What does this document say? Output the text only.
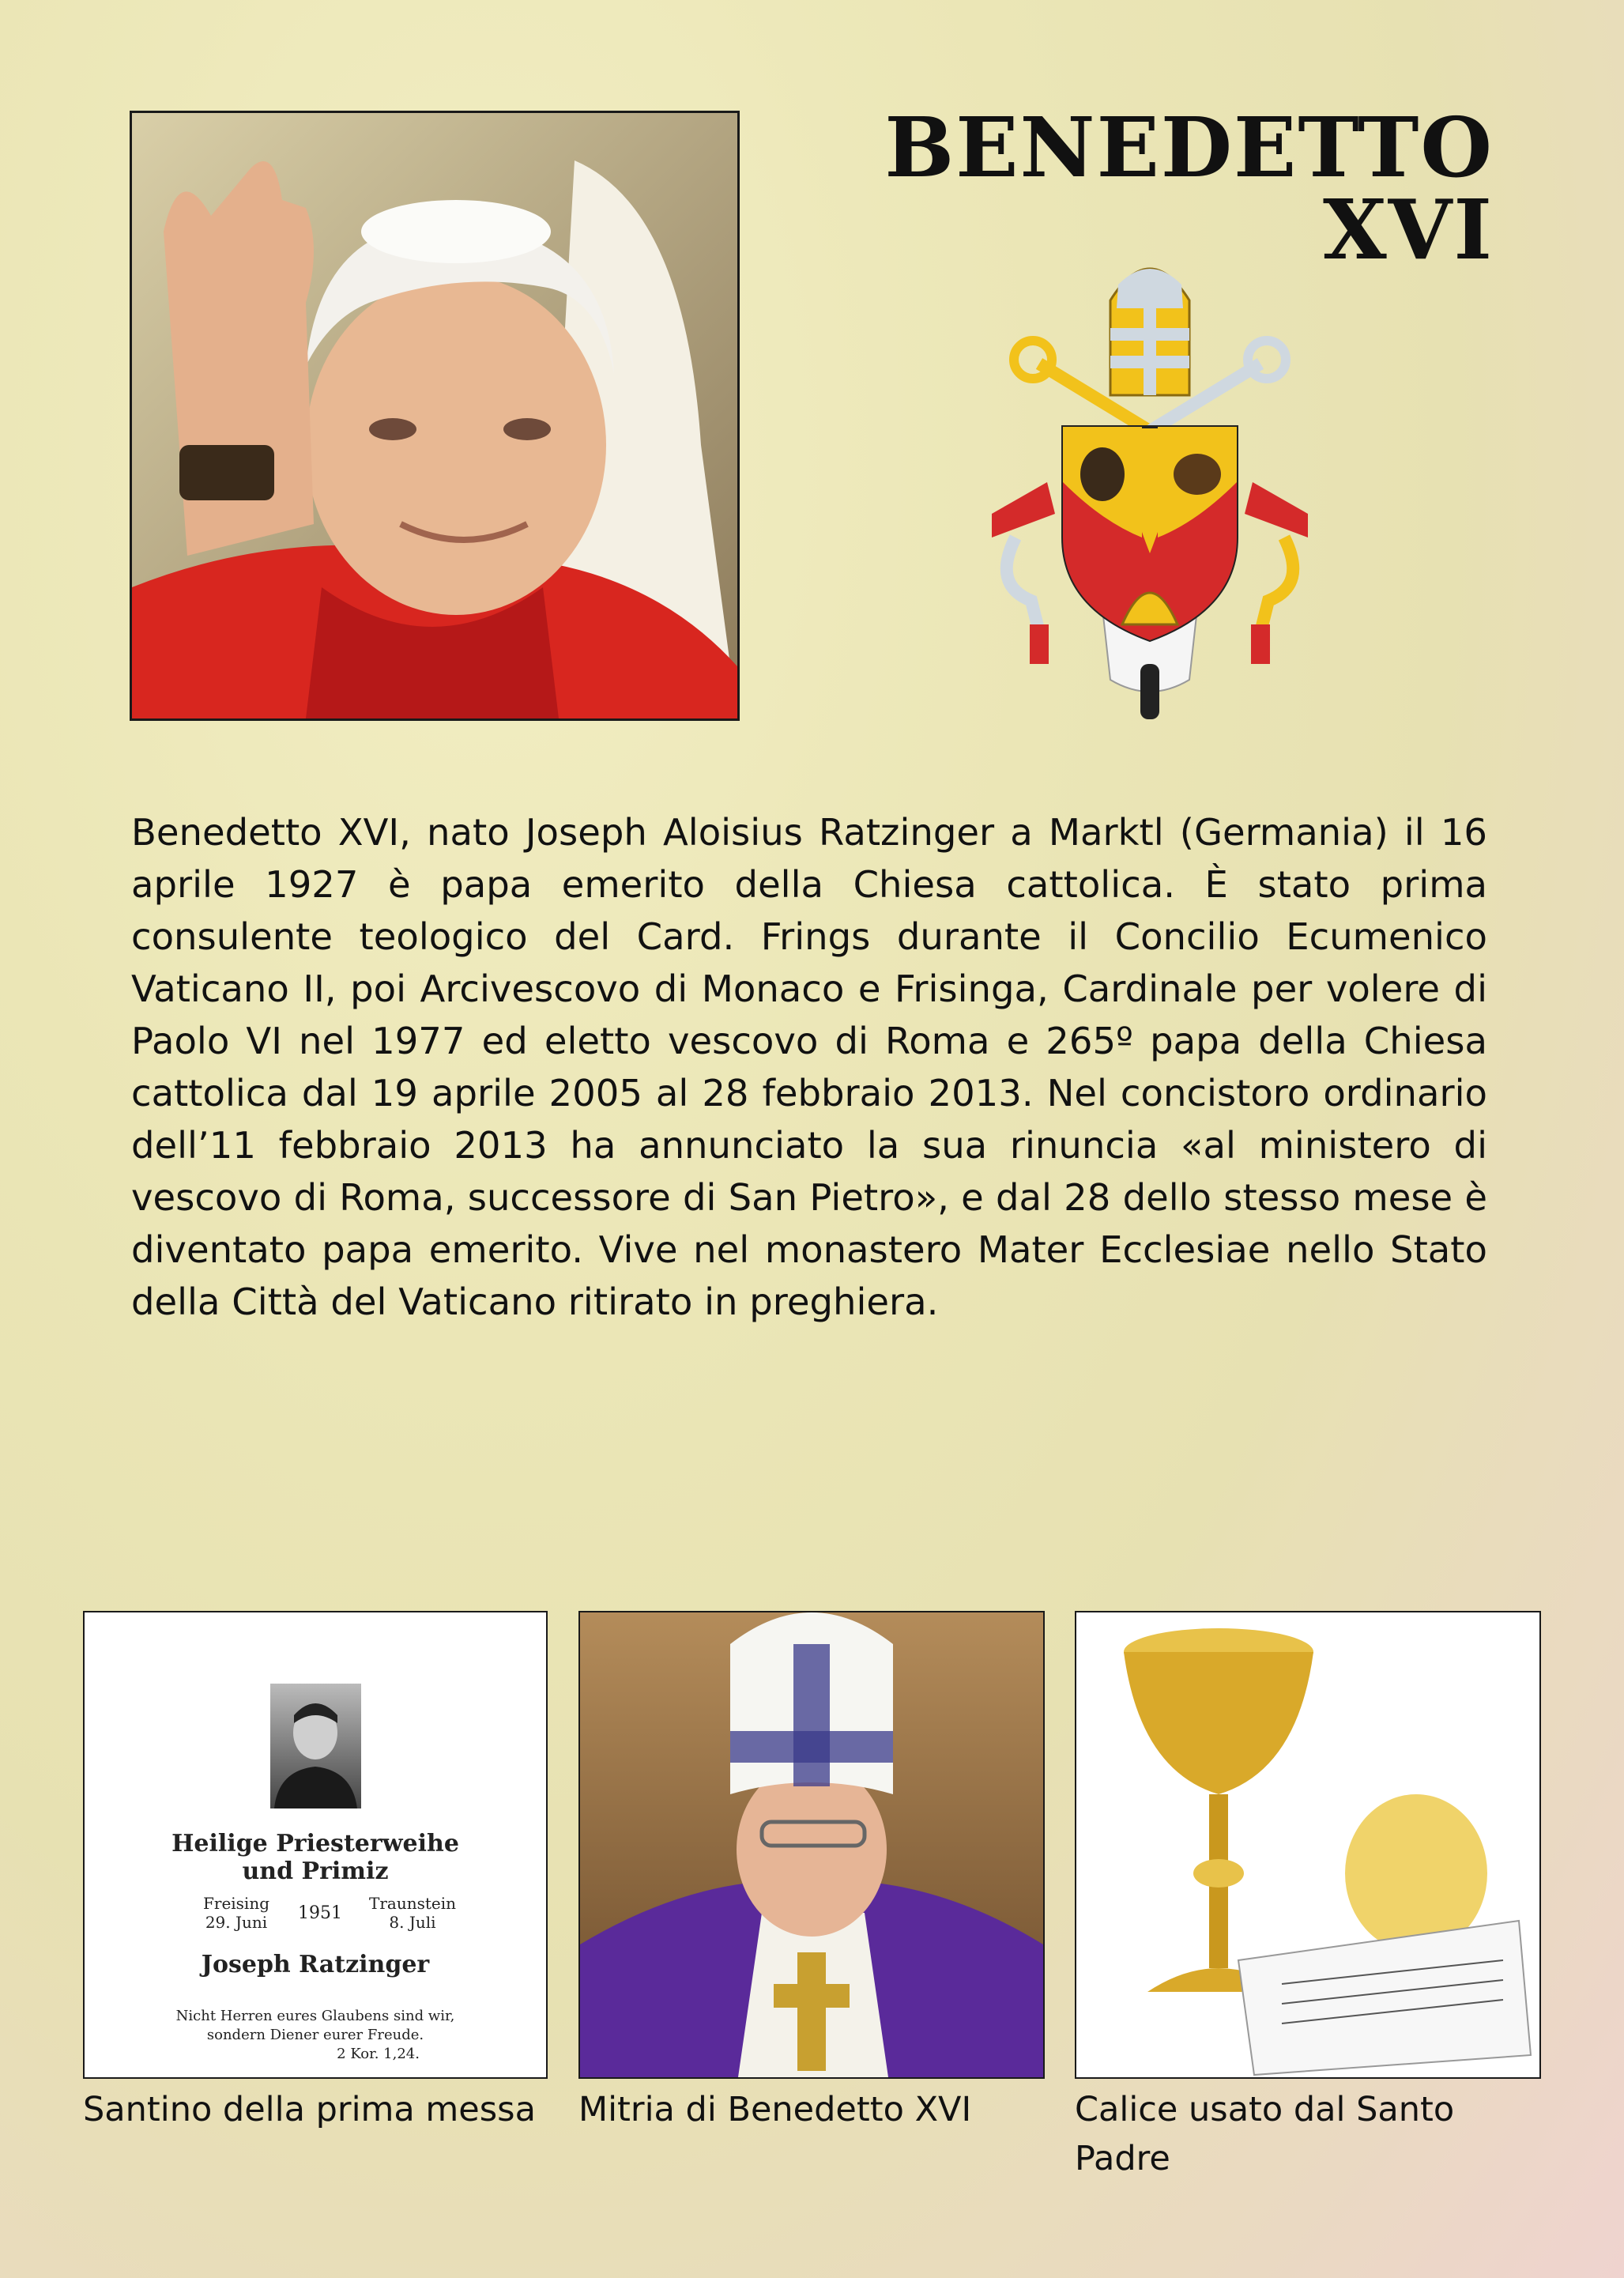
BENEDETTO XVI

Benedetto XVI, nato Joseph Aloisius Ratzinger a Marktl (Germania) il 16 aprile 1927 è papa emerito della Chiesa cattolica. È stato prima consulente teologico del Card. Frings durante il Concilio Ecumenico Vaticano II, poi Arcivescovo di Monaco e Frisinga, Cardinale per volere di Paolo VI nel 1977 ed eletto vescovo di Roma e 265º papa della Chiesa cattolica dal 19 aprile 2005 al 28 febbraio 2013. Nel concistoro ordinario dell’11 febbraio 2013 ha annunciato la sua rinuncia «al ministero di vescovo di Roma, successore di San Pietro», e dal 28 dello stesso mese è diventato papa emerito. Vive nel monastero Mater Ecclesiae nello Stato della Città del Vaticano ritirato in preghiera.

Heilige Priesterweihe
und Primiz
Freising
29. Juni 1951 Traunstein
8. Juli
Joseph Ratzinger
Nicht Herren eures Glaubens sind wir,
sondern Diener eurer Freude.
2 Kor. 1,24.

Santino della prima messa	Mitria di Benedetto XVI	Calice usato dal Santo Padre
